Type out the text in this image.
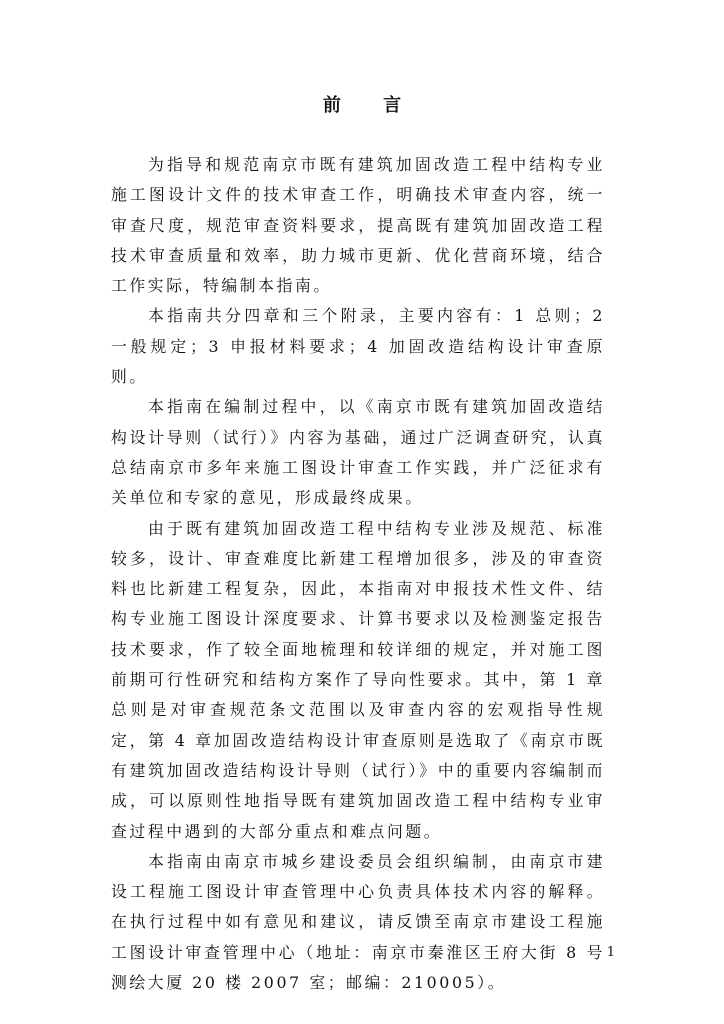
前 言

为指导和规范南京市既有建筑加固改造工程中结构专业施工图设计文件的技术审查工作，明确技术审查内容，统一审查尺度，规范审查资料要求，提高既有建筑加固改造工程技术审查质量和效率，助力城市更新、优化营商环境，结合工作实际，特编制本指南。

本指南共分四章和三个附录，主要内容有：1 总则；2 一般规定；3 申报材料要求；4 加固改造结构设计审查原则。

本指南在编制过程中，以《南京市既有建筑加固改造结构设计导则（试行）》内容为基础，通过广泛调查研究，认真总结南京市多年来施工图设计审查工作实践，并广泛征求有关单位和专家的意见，形成最终成果。

由于既有建筑加固改造工程中结构专业涉及规范、标准较多，设计、审查难度比新建工程增加很多，涉及的审查资料也比新建工程复杂，因此，本指南对申报技术性文件、结构专业施工图设计深度要求、计算书要求以及检测鉴定报告技术要求，作了较全面地梳理和较详细的规定，并对施工图前期可行性研究和结构方案作了导向性要求。其中，第 1 章总则是对审查规范条文范围以及审查内容的宏观指导性规定，第 4 章加固改造结构设计审查原则是选取了《南京市既有建筑加固改造结构设计导则（试行）》中的重要内容编制而成，可以原则性地指导既有建筑加固改造工程中结构专业审查过程中遇到的大部分重点和难点问题。

本指南由南京市城乡建设委员会组织编制，由南京市建设工程施工图设计审查管理中心负责具体技术内容的解释。在执行过程中如有意见和建议，请反馈至南京市建设工程施工图设计审查管理中心（地址：南京市秦淮区王府大街 8 号测绘大厦 20 楼 2007 室；邮编：210005）。

1
